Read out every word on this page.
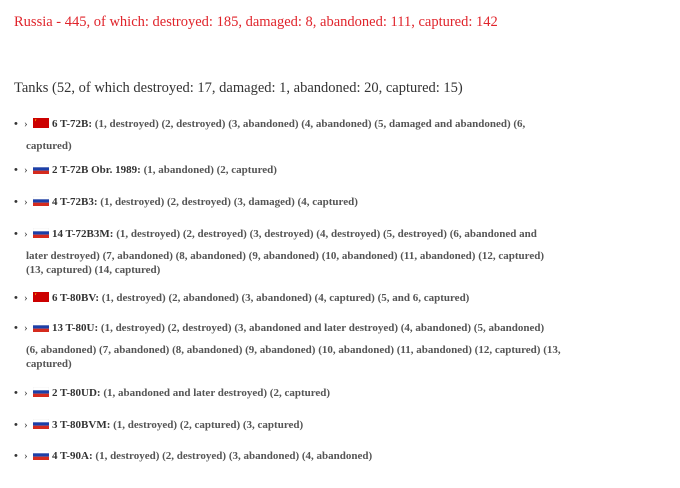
Russia - 445, of which: destroyed: 185, damaged: 8, abandoned: 111, captured: 142
Tanks (52, of which destroyed: 17, damaged: 1, abandoned: 20, captured: 15)
• › 6 T-72B: (1, destroyed) (2, destroyed) (3, abandoned) (4, abandoned) (5, damaged and abandoned) (6,
captured)
• › 2 T-72B Obr. 1989: (1, abandoned) (2, captured)
• › 4 T-72B3: (1, destroyed) (2, destroyed) (3, damaged) (4, captured)
• › 14 T-72B3M: (1, destroyed) (2, destroyed) (3, destroyed) (4, destroyed) (5, destroyed) (6, abandoned and
later destroyed) (7, abandoned) (8, abandoned) (9, abandoned) (10, abandoned) (11, abandoned) (12, captured)
(13, captured) (14, captured)
• › 6 T-80BV: (1, destroyed) (2, abandoned) (3, abandoned) (4, captured) (5, and 6, captured)
• › 13 T-80U: (1, destroyed) (2, destroyed) (3, abandoned and later destroyed) (4, abandoned) (5, abandoned)
(6, abandoned) (7, abandoned) (8, abandoned) (9, abandoned) (10, abandoned) (11, abandoned) (12, captured) (13,
captured)
• › 2 T-80UD: (1, abandoned and later destroyed) (2, captured)
• › 3 T-80BVM: (1, destroyed) (2, captured) (3, captured)
• › 4 T-90A: (1, destroyed) (2, destroyed) (3, abandoned) (4, abandoned)
